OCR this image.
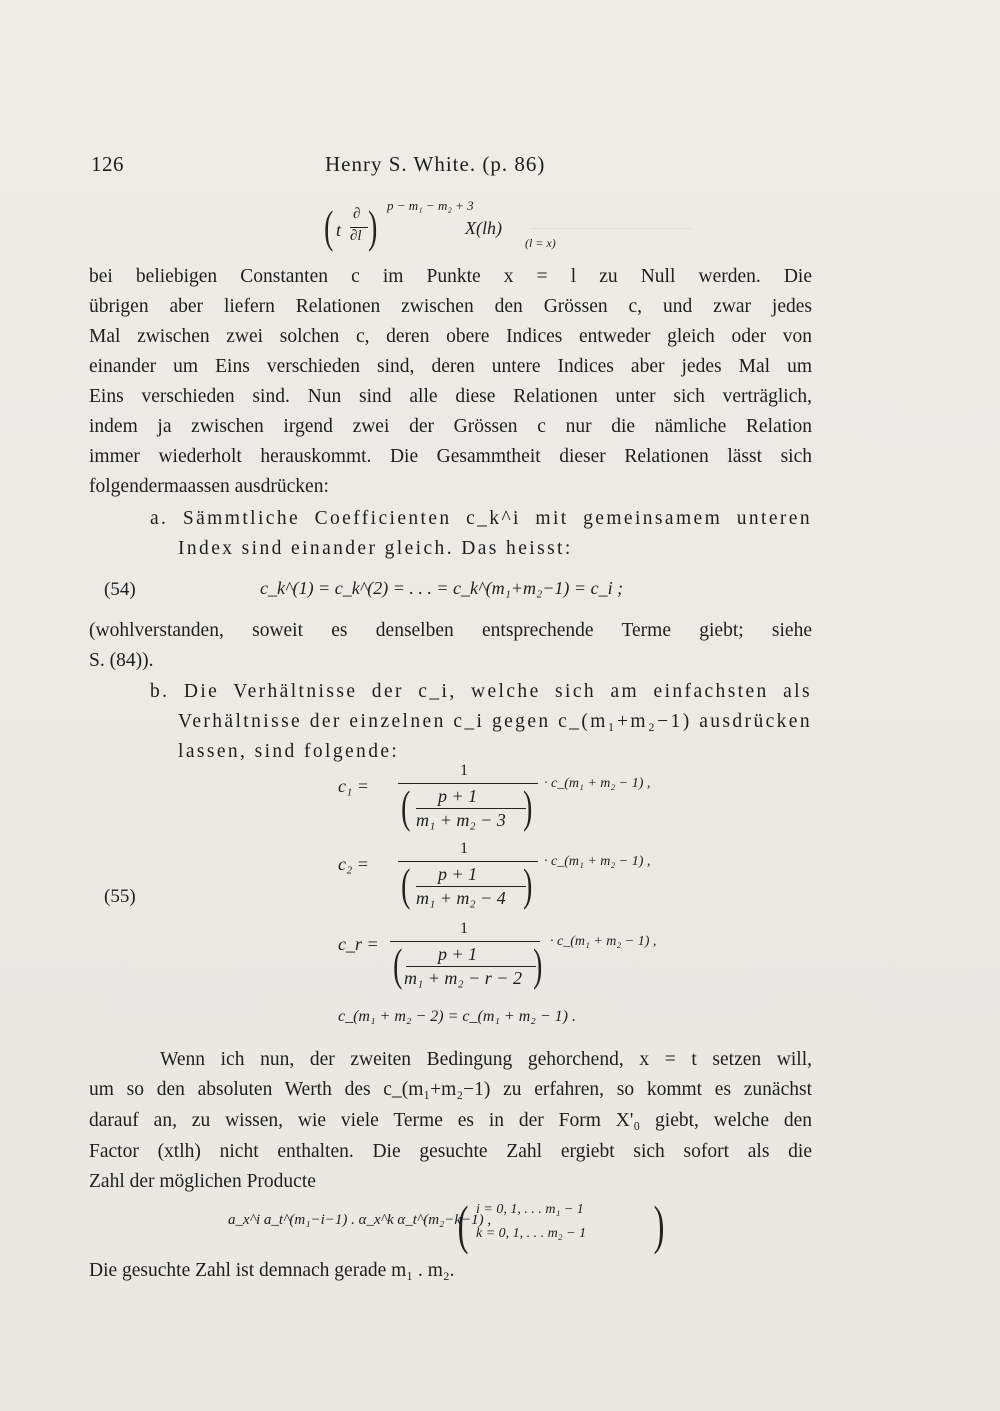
___________________
126	Henry S. White. (p. 86)
( t
∂
∂l ) p − m₁ − m₂ + 3
X(lh)
(l = x)
bei beliebigen Constanten c im Punkte x = l zu Null werden. Die
übrigen aber liefern Relationen zwischen den Grössen c, und zwar jedes
Mal zwischen zwei solchen c, deren obere Indices entweder gleich oder von
einander um Eins verschieden sind, deren untere Indices aber jedes Mal um
Eins verschieden sind. Nun sind alle diese Relationen unter sich verträglich,
indem ja zwischen irgend zwei der Grössen c nur die nämliche Relation
immer wiederholt herauskommt. Die Gesammtheit dieser Relationen lässt sich
folgendermaassen ausdrücken:
a. Sämmtliche Coefficienten c_k^i mit gemeinsamem unteren
Index sind einander gleich. Das heisst:
(54)	c_k^(1) = c_k^(2) = . . . = c_k^(m₁+m₂−1) = c_i ;
(wohlverstanden, soweit es denselben entsprechende Terme giebt; siehe
S. (84)).
b. Die Verhältnisse der c_i, welche sich am einfachsten als
Verhältnisse der einzelnen c_i gegen c_(m₁+m₂−1) ausdrücken
lassen, sind folgende:
(55)
c₁ =
1
( p + 1
m₁ + m₂ − 3 ) · c_(m₁ + m₂ − 1) ,
c₂ =
1
( p + 1
m₁ + m₂ − 4 ) · c_(m₁ + m₂ − 1) ,
c_r =
1
( p + 1
m₁ + m₂ − r − 2 ) · c_(m₁ + m₂ − 1) ,
c_(m₁ + m₂ − 2) = c_(m₁ + m₂ − 1) .
Wenn ich nun, der zweiten Bedingung gehorchend, x = t setzen will,
um so den absoluten Werth des c_(m₁+m₂−1) zu erfahren, so kommt es zunächst
darauf an, zu wissen, wie viele Terme es in der Form X'₀ giebt, welche den
Factor (xtlh) nicht enthalten. Die gesuchte Zahl ergiebt sich sofort als die
Zahl der möglichen Producte
a_x^i a_t^(m₁−i−1) . α_x^k α_t^(m₂−k−1) ,
( i = 0, 1, . . . m₁ − 1
k = 0, 1, . . . m₂ − 1 )
Die gesuchte Zahl ist demnach gerade m₁ . m₂.
